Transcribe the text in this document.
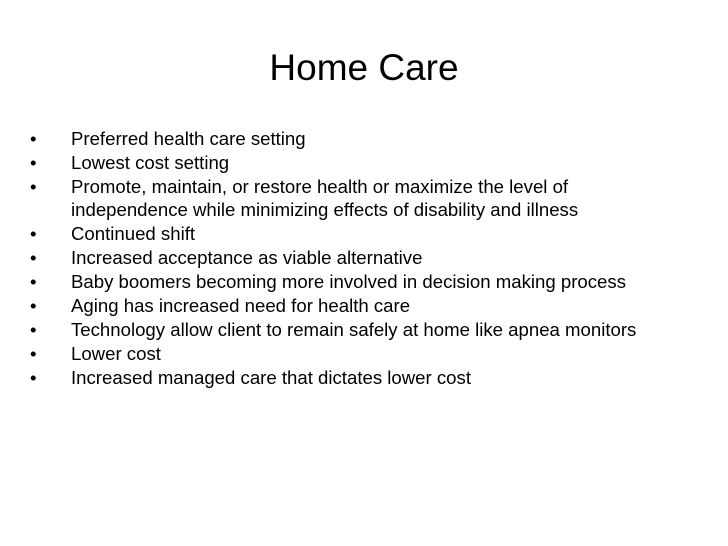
Home Care
•	Preferred health care setting
•	Lowest cost setting
•	Promote, maintain, or restore health or maximize the level of independence while minimizing effects of disability and illness
•	Continued shift
•	Increased acceptance as viable alternative
•	Baby boomers becoming more involved in decision making process
•	Aging has increased need for health care
•	Technology allow client to remain safely at home like apnea monitors
•	Lower cost
•	Increased managed care that dictates lower cost
